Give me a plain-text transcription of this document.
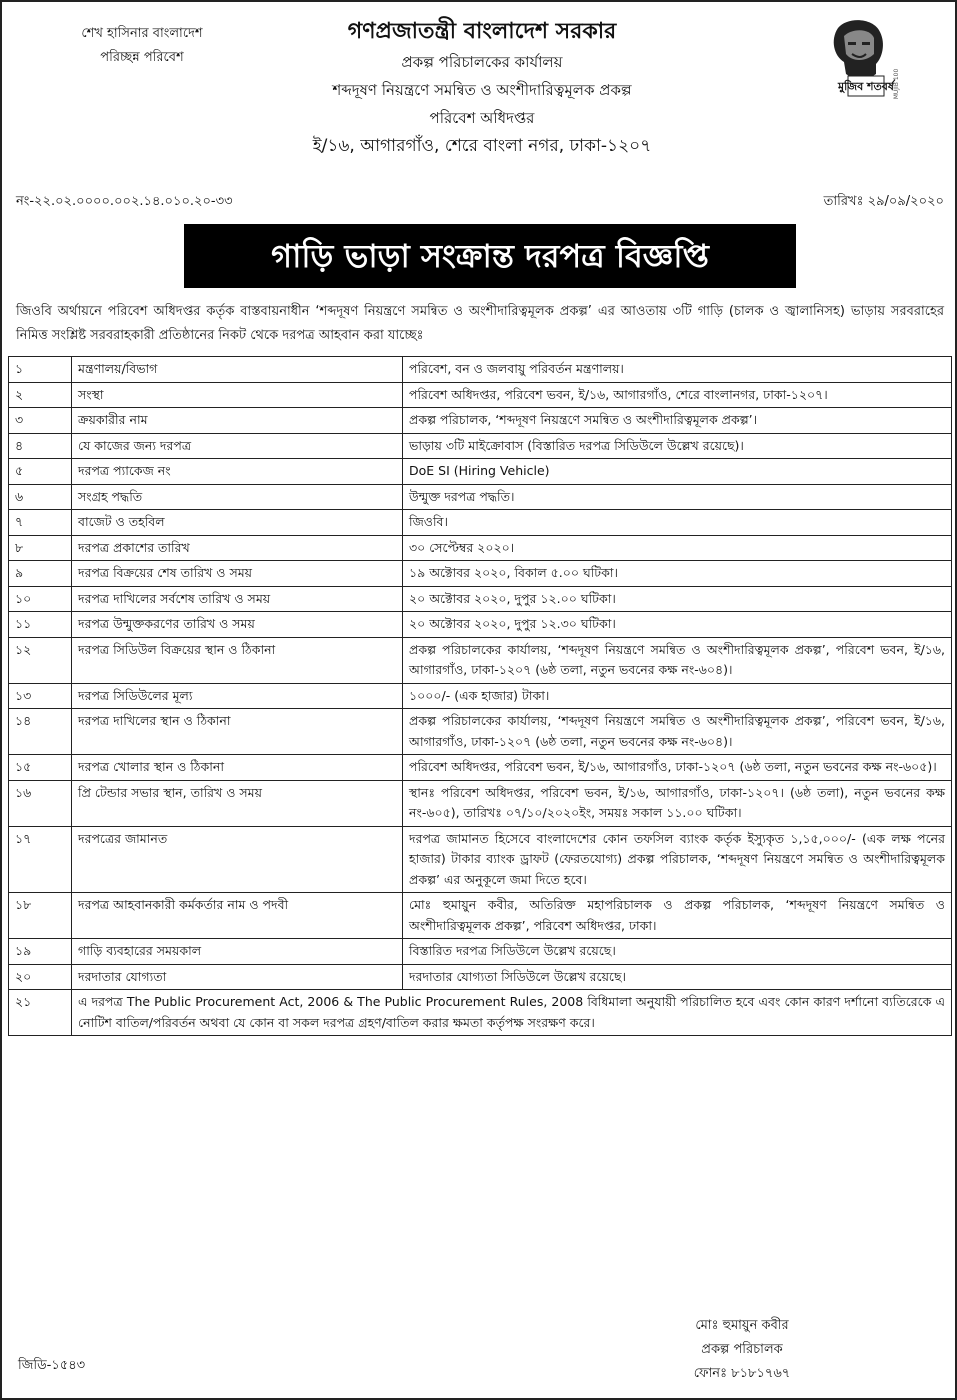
শেখ হাসিনার বাংলাদেশ
পরিচ্ছন্ন পরিবেশ
গণপ্রজাতন্ত্রী বাংলাদেশ সরকার
প্রকল্প পরিচালকের কার্যালয়
শব্দদূষণ নিয়ন্ত্রণে সমন্বিত ও অংশীদারিত্বমূলক প্রকল্প
পরিবেশ অধিদপ্তর
ই/১৬, আগারগাঁও, শেরে বাংলা নগর, ঢাকা-১২০৭
মুজিব শতবর্ষ MUJIB 100
নং-২২.০২.০০০০.০০২.১৪.০১০.২০-৩৩	তারিখঃ ২৯/০৯/২০২০
গাড়ি ভাড়া সংক্রান্ত দরপত্র বিজ্ঞপ্তি
জিওবি অর্থায়নে পরিবেশ অধিদপ্তর কর্তৃক বাস্তবায়নাধীন ‘শব্দদূষণ নিয়ন্ত্রণে সমন্বিত ও অংশীদারিত্বমূলক প্রকল্প’ এর আওতায় ৩টি গাড়ি (চালক ও জ্বালানিসহ) ভাড়ায় সরবরাহের নিমিত্ত সংশ্লিষ্ট সরবরাহকারী প্রতিষ্ঠানের নিকট থেকে দরপত্র আহবান করা যাচ্ছেঃ
১	মন্ত্রণালয়/বিভাগ	পরিবেশ, বন ও জলবায়ু পরিবর্তন মন্ত্রণালয়।
২	সংস্থা	পরিবেশ অধিদপ্তর, পরিবেশ ভবন, ই/১৬, আগারগাঁও, শেরে বাংলানগর, ঢাকা-১২০৭।
৩	ক্রয়কারীর নাম	প্রকল্প পরিচালক, ‘শব্দদূষণ নিয়ন্ত্রণে সমন্বিত ও অংশীদারিত্বমূলক প্রকল্প’।
৪	যে কাজের জন্য দরপত্র	ভাড়ায় ৩টি মাইক্রোবাস (বিস্তারিত দরপত্র সিডিউলে উল্লেখ রয়েছে)।
৫	দরপত্র প্যাকেজ নং	DoE SI (Hiring Vehicle)
৬	সংগ্রহ পদ্ধতি	উন্মুক্ত দরপত্র পদ্ধতি।
৭	বাজেট ও তহবিল	জিওবি।
৮	দরপত্র প্রকাশের তারিখ	৩০ সেপ্টেম্বর ২০২০।
৯	দরপত্র বিক্রয়ের শেষ তারিখ ও সময়	১৯ অক্টোবর ২০২০, বিকাল ৫.০০ ঘটিকা।
১০	দরপত্র দাখিলের সর্বশেষ তারিখ ও সময়	২০ অক্টোবর ২০২০, দুপুর ১২.০০ ঘটিকা।
১১	দরপত্র উন্মুক্তকরণের তারিখ ও সময়	২০ অক্টোবর ২০২০, দুপুর ১২.৩০ ঘটিকা।
১২	দরপত্র সিডিউল বিক্রয়ের স্থান ও ঠিকানা	প্রকল্প পরিচালকের কার্যালয়, ‘শব্দদূষণ নিয়ন্ত্রণে সমন্বিত ও অংশীদারিত্বমূলক প্রকল্প’, পরিবেশ ভবন, ই/১৬, আগারগাঁও, ঢাকা-১২০৭ (৬ষ্ঠ তলা, নতুন ভবনের কক্ষ নং-৬০৪)।
১৩	দরপত্র সিডিউলের মূল্য	১০০০/- (এক হাজার) টাকা।
১৪	দরপত্র দাখিলের স্থান ও ঠিকানা	প্রকল্প পরিচালকের কার্যালয়, ‘শব্দদূষণ নিয়ন্ত্রণে সমন্বিত ও অংশীদারিত্বমূলক প্রকল্প’, পরিবেশ ভবন, ই/১৬, আগারগাঁও, ঢাকা-১২০৭ (৬ষ্ঠ তলা, নতুন ভবনের কক্ষ নং-৬০৪)।
১৫	দরপত্র খোলার স্থান ও ঠিকানা	পরিবেশ অধিদপ্তর, পরিবেশ ভবন, ই/১৬, আগারগাঁও, ঢাকা-১২০৭ (৬ষ্ঠ তলা, নতুন ভবনের কক্ষ নং-৬০৫)।
১৬	প্রি টেন্ডার সভার স্থান, তারিখ ও সময়	স্থানঃ পরিবেশ অধিদপ্তর, পরিবেশ ভবন, ই/১৬, আগারগাঁও, ঢাকা-১২০৭। (৬ষ্ঠ তলা), নতুন ভবনের কক্ষ নং-৬০৫), তারিখঃ ০৭/১০/২০২০ইং, সময়ঃ সকাল ১১.০০ ঘটিকা।
১৭	দরপত্রের জামানত	দরপত্র জামানত হিসেবে বাংলাদেশের কোন তফসিল ব্যাংক কর্তৃক ইস্যুকৃত ১,১৫,০০০/- (এক লক্ষ পনের হাজার) টাকার ব্যাংক ড্রাফট (ফেরতযোগ্য) প্রকল্প পরিচালক, ‘শব্দদূষণ নিয়ন্ত্রণে সমন্বিত ও অংশীদারিত্বমূলক প্রকল্প’ এর অনুকূলে জমা দিতে হবে।
১৮	দরপত্র আহবানকারী কর্মকর্তার নাম ও পদবী	মোঃ হুমায়ুন কবীর, অতিরিক্ত মহাপরিচালক ও প্রকল্প পরিচালক, ‘শব্দদূষণ নিয়ন্ত্রণে সমন্বিত ও অংশীদারিত্বমূলক প্রকল্প’, পরিবেশ অধিদপ্তর, ঢাকা।
১৯	গাড়ি ব্যবহারের সময়কাল	বিস্তারিত দরপত্র সিডিউলে উল্লেখ রয়েছে।
২০	দরদাতার যোগ্যতা	দরদাতার যোগ্যতা সিডিউলে উল্লেখ রয়েছে।
২১	এ দরপত্র The Public Procurement Act, 2006 & The Public Procurement Rules, 2008 বিধিমালা অনুযায়ী পরিচালিত হবে এবং কোন কারণ দর্শানো ব্যতিরেকে এ নোটিশ বাতিল/পরিবর্তন অথবা যে কোন বা সকল দরপত্র গ্রহণ/বাতিল করার ক্ষমতা কর্তৃপক্ষ সংরক্ষণ করে।	
মোঃ হুমায়ুন কবীর
প্রকল্প পরিচালক
ফোনঃ ৮১৮১৭৬৭
জিডি-১৫৪৩
